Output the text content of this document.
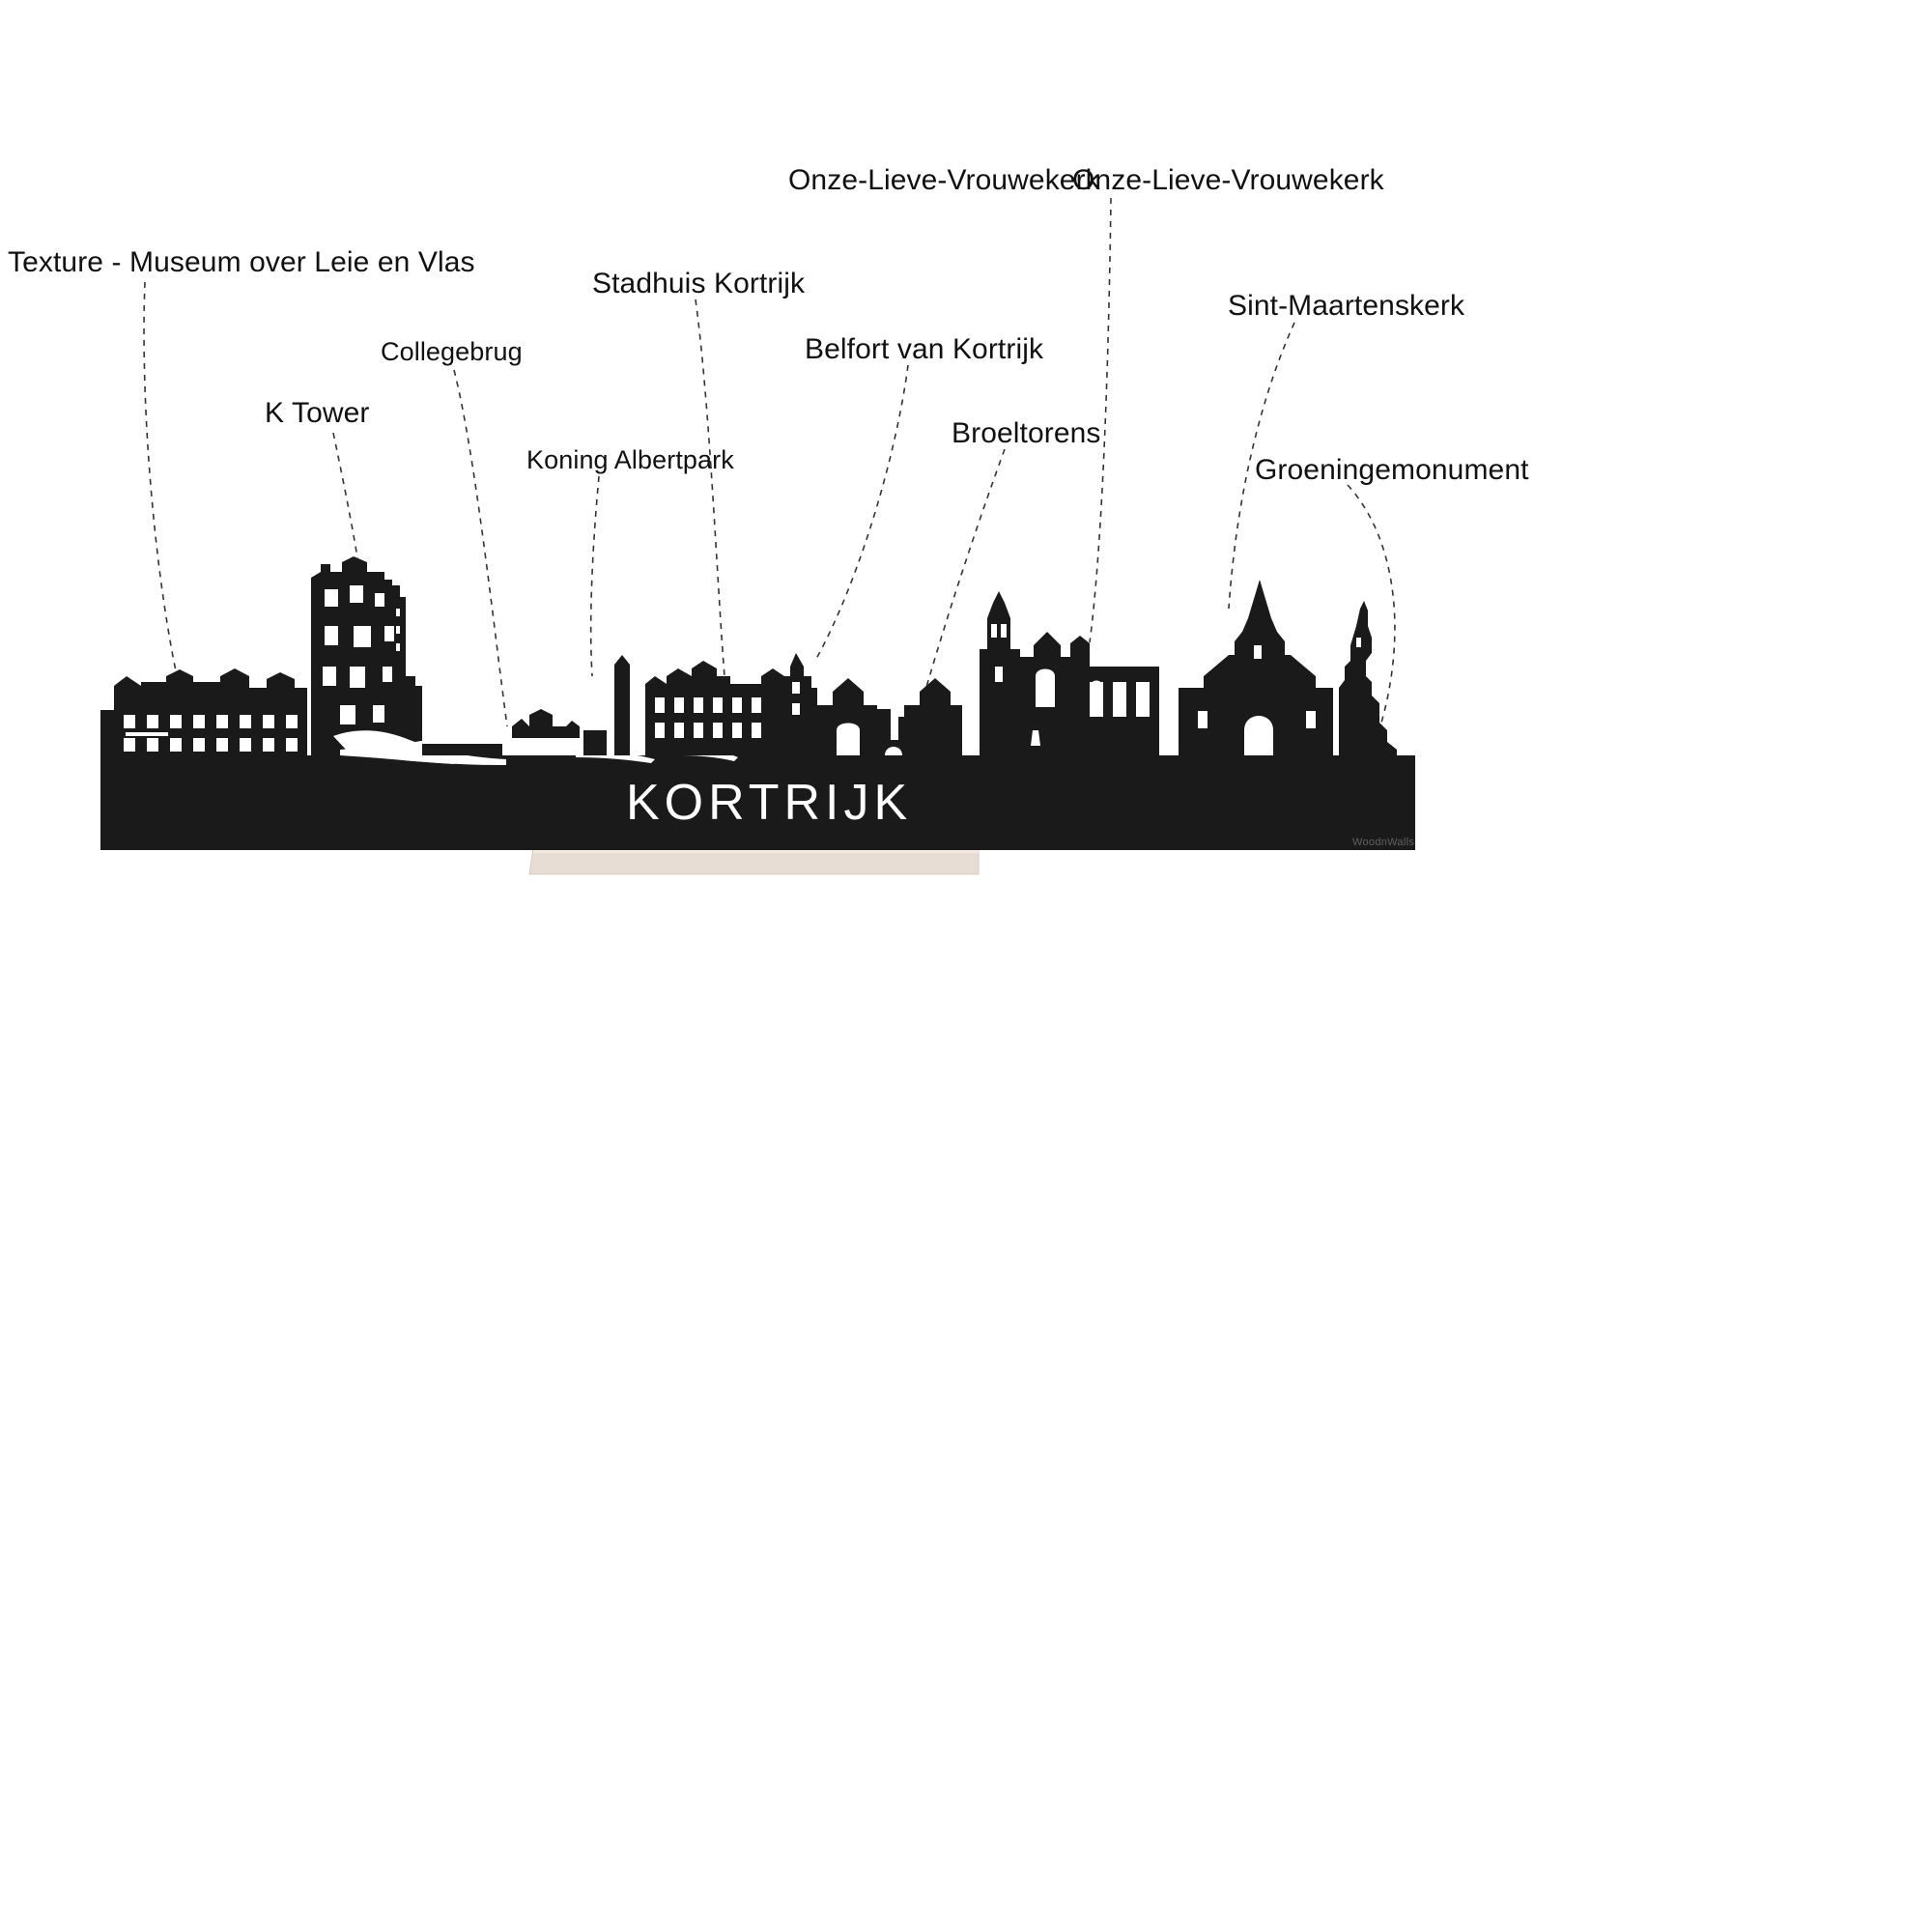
KORTRIJK
Texture - Museum over Leie en Vlas
K Tower
Collegebrug
Koning Albertpark
Stadhuis Kortrijk
Belfort van Kortrijk
Broeltorens
Onze-Lieve-Vrouwekerk
Onze-Lieve-Vrouwekerk
Sint-Maartenskerk
Groeningemonument
WoodnWalls
